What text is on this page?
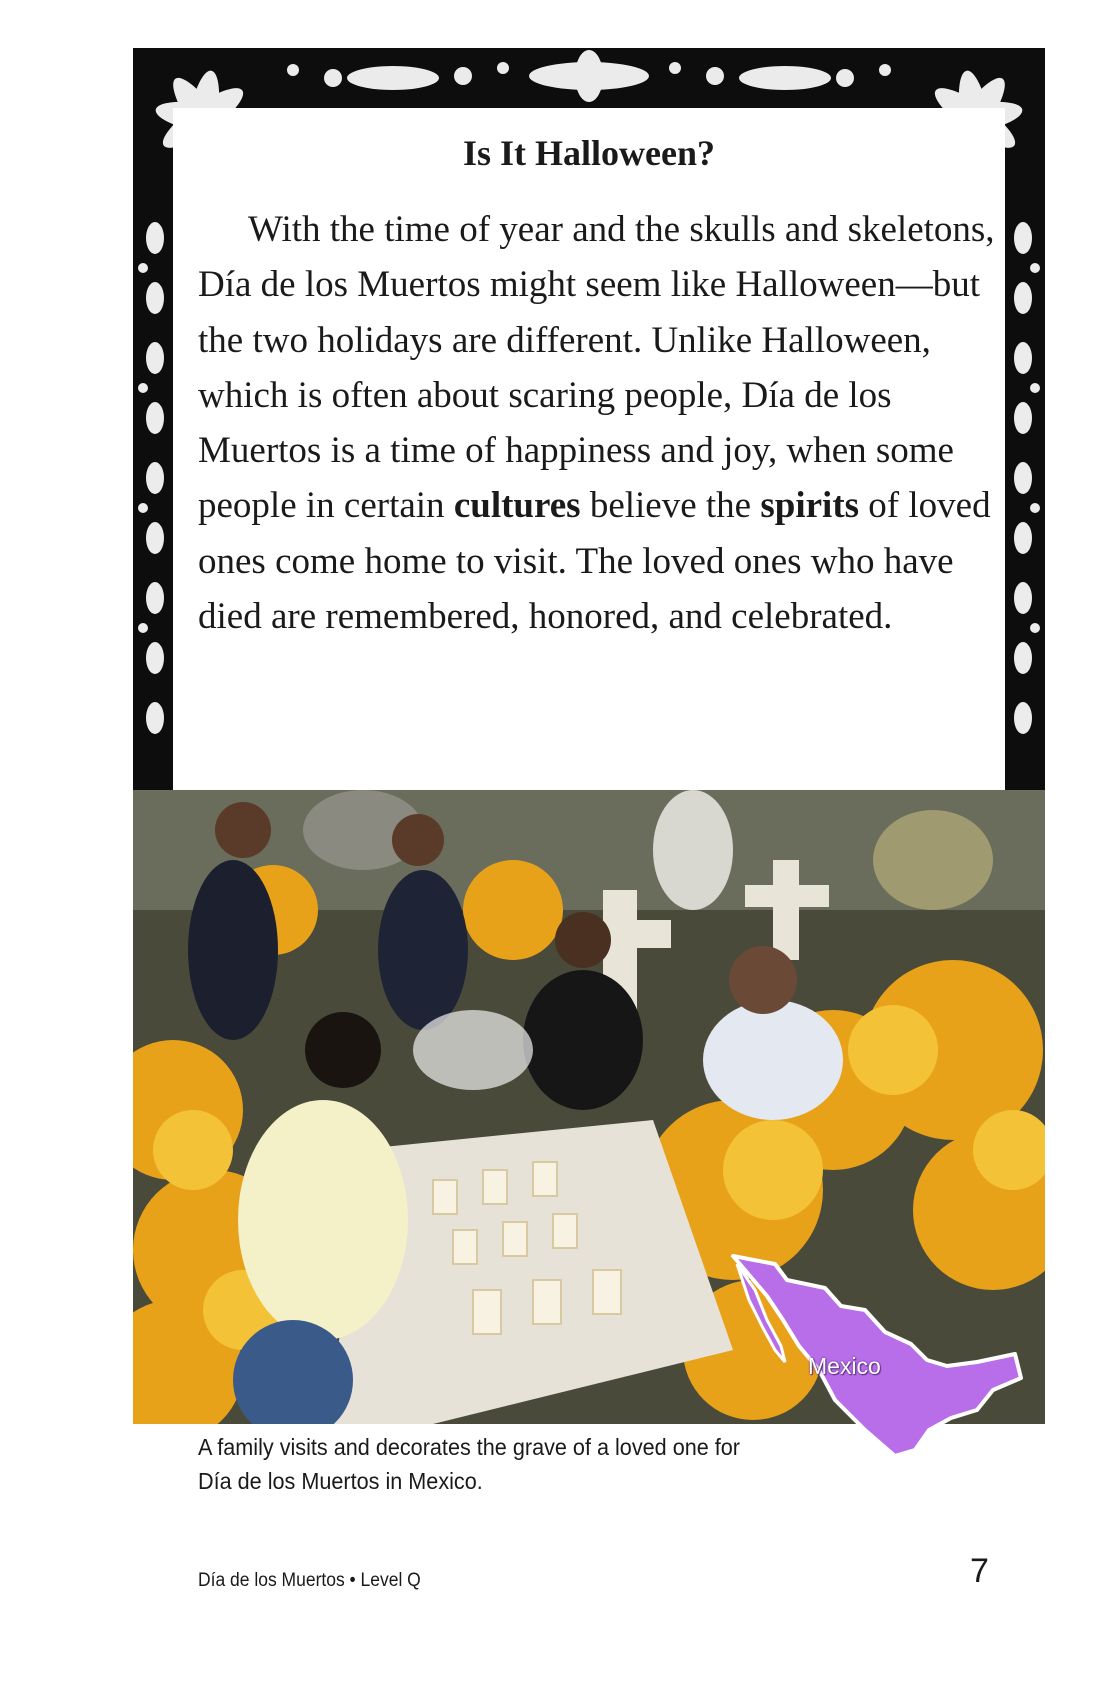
Is It Halloween?
With the time of year and the skulls and skeletons, Día de los Muertos might seem like Halloween—but the two holidays are different. Unlike Halloween, which is often about scaring people, Día de los Muertos is a time of happiness and joy, when some people in certain cultures believe the spirits of loved ones come home to visit. The loved ones who have died are remembered, honored, and celebrated.
Mexico
A family visits and decorates the grave of a loved one for
Día de los Muertos in Mexico.
Día de los Muertos • Level Q	7
